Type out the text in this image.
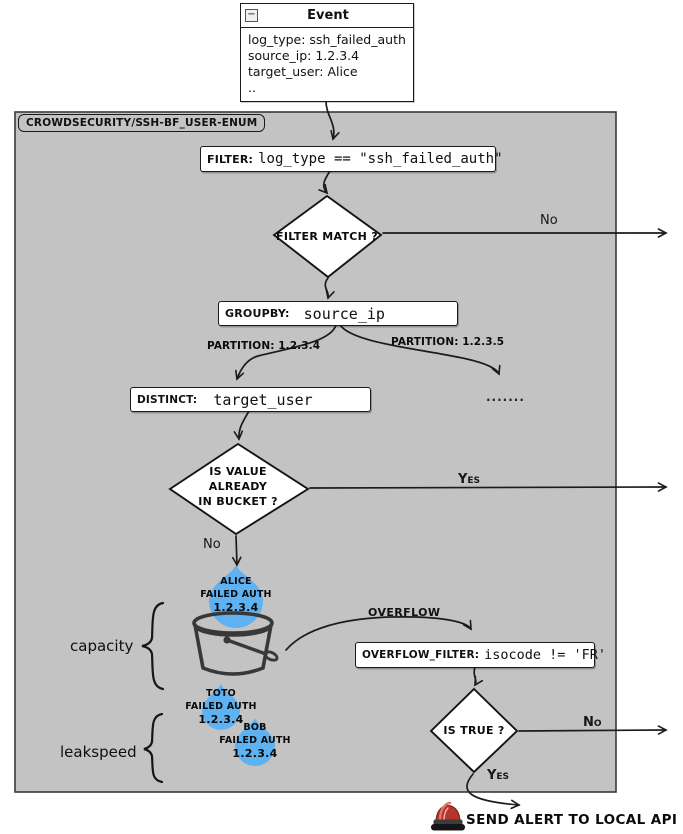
−	Event
log_type: ssh_failed_auth
source_ip: 1.2.3.4
target_user: Alice
..
CROWDSECURITY/SSH-BF_USER-ENUM
FILTER: log_type == "ssh_failed_auth"
FILTER MATCH ?
No
GROUPBY: source_ip
PARTITION: 1.2.3.4	PARTITION: 1.2.3.5
.......
DISTINCT: target_user
IS VALUE
ALREADY
IN BUCKET ?
Yes
No
ALICE
FAILED AUTH
1.2.3.4
TOTO
FAILED AUTH
1.2.3.4
BOB
FAILED AUTH
1.2.3.4
capacity
leakspeed
OVERFLOW
OVERFLOW_FILTER: isocode != 'FR'
IS TRUE ?
No
Yes
SEND ALERT TO LOCAL API
